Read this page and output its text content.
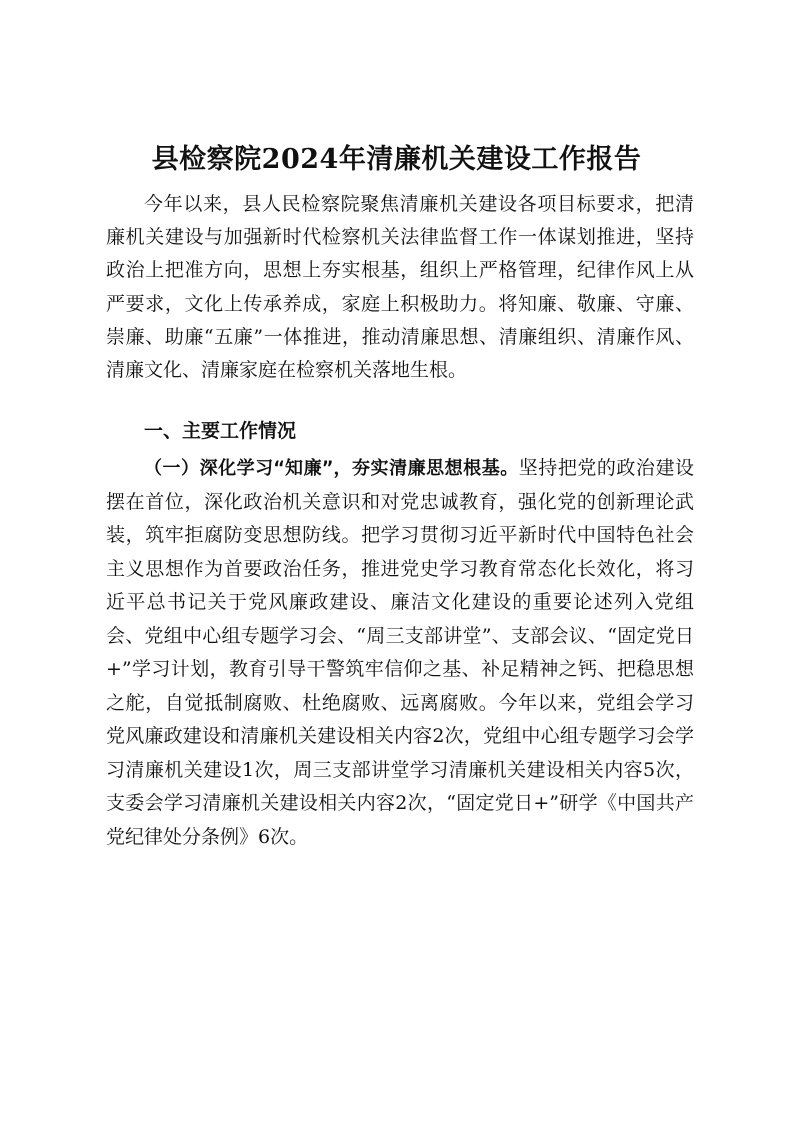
县检察院2024年清廉机关建设工作报告

今年以来，县人民检察院聚焦清廉机关建设各项目标要求，把清廉机关建设与加强新时代检察机关法律监督工作一体谋划推进，坚持政治上把准方向，思想上夯实根基，组织上严格管理，纪律作风上从严要求，文化上传承养成，家庭上积极助力。将知廉、敬廉、守廉、崇廉、助廉“五廉”一体推进，推动清廉思想、清廉组织、清廉作风、清廉文化、清廉家庭在检察机关落地生根。

一、主要工作情况

（一）深化学习“知廉”，夯实清廉思想根基。坚持把党的政治建设摆在首位，深化政治机关意识和对党忠诚教育，强化党的创新理论武装，筑牢拒腐防变思想防线。把学习贯彻习近平新时代中国特色社会主义思想作为首要政治任务，推进党史学习教育常态化长效化，将习近平总书记关于党风廉政建设、廉洁文化建设的重要论述列入党组会、党组中心组专题学习会、“周三支部讲堂”、支部会议、“固定党日+”学习计划，教育引导干警筑牢信仰之基、补足精神之钙、把稳思想之舵，自觉抵制腐败、杜绝腐败、远离腐败。今年以来，党组会学习党风廉政建设和清廉机关建设相关内容2次，党组中心组专题学习会学习清廉机关建设1次，周三支部讲堂学习清廉机关建设相关内容5次，支委会学习清廉机关建设相关内容2次，“固定党日+”研学《中国共产党纪律处分条例》6次。
